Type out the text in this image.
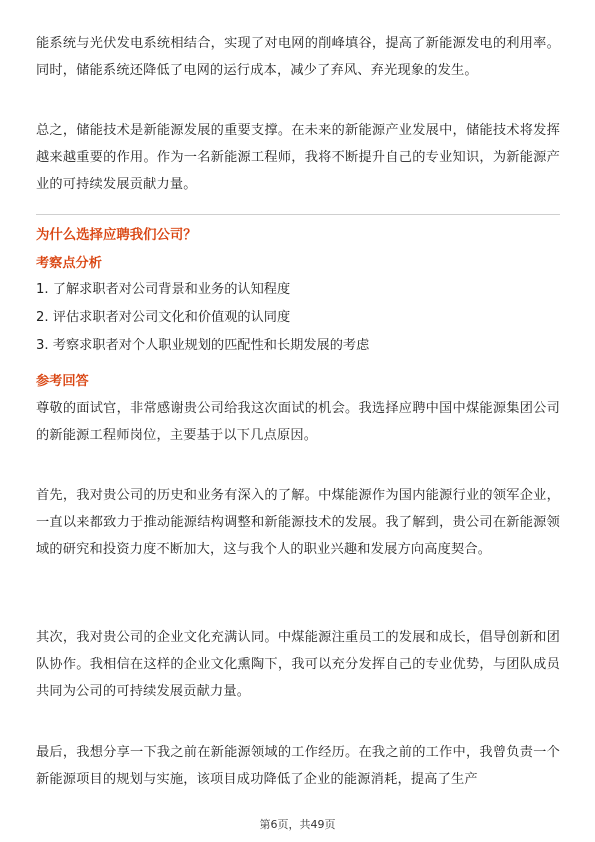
能系统与光伏发电系统相结合，实现了对电网的削峰填谷，提高了新能源发电的利用率。同时，储能系统还降低了电网的运行成本，减少了弃风、弃光现象的发生。

总之，储能技术是新能源发展的重要支撑。在未来的新能源产业发展中，储能技术将发挥越来越重要的作用。作为一名新能源工程师，我将不断提升自己的专业知识，为新能源产业的可持续发展贡献力量。

为什么选择应聘我们公司？
考察点分析

1. 了解求职者对公司背景和业务的认知程度

2. 评估求职者对公司文化和价值观的认同度

3. 考察求职者对个人职业规划的匹配性和长期发展的考虑

参考回答

尊敬的面试官，非常感谢贵公司给我这次面试的机会。我选择应聘中国中煤能源集团公司的新能源工程师岗位，主要基于以下几点原因。

首先，我对贵公司的历史和业务有深入的了解。中煤能源作为国内能源行业的领军企业，一直以来都致力于推动能源结构调整和新能源技术的发展。我了解到，贵公司在新能源领域的研究和投资力度不断加大，这与我个人的职业兴趣和发展方向高度契合。

其次，我对贵公司的企业文化充满认同。中煤能源注重员工的发展和成长，倡导创新和团队协作。我相信在这样的企业文化熏陶下，我可以充分发挥自己的专业优势，与团队成员共同为公司的可持续发展贡献力量。

最后，我想分享一下我之前在新能源领域的工作经历。在我之前的工作中，我曾负责一个新能源项目的规划与实施，该项目成功降低了企业的能源消耗，提高了生产

第6页，共49页
